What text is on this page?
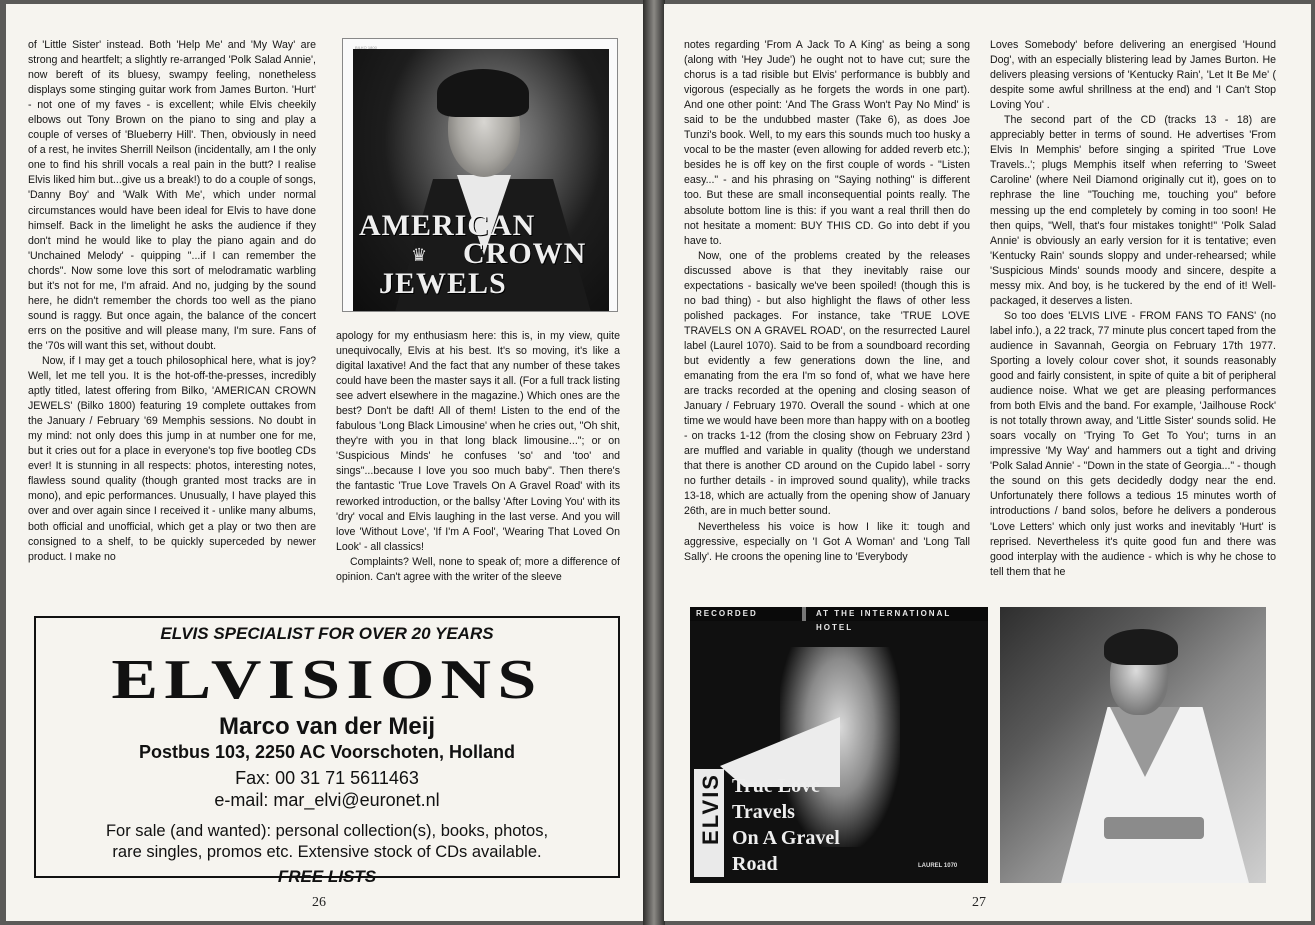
of 'Little Sister' instead. Both 'Help Me' and 'My Way' are strong and heartfelt; a slightly re-arranged 'Polk Salad Annie', now bereft of its bluesy, swampy feeling, nonetheless displays some stinging guitar work from James Burton. 'Hurt' - not one of my faves - is excellent; while Elvis cheekily elbows out Tony Brown on the piano to sing and play a couple of verses of 'Blueberry Hill'. Then, obviously in need of a rest, he invites Sherrill Neilson (incidentally, am I the only one to find his shrill vocals a real pain in the butt? I realise Elvis liked him but...give us a break!) to do a couple of songs, 'Danny Boy' and 'Walk With Me', which under normal circumstances would have been ideal for Elvis to have done himself. Back in the limelight he asks the audience if they don't mind he would like to play the piano again and do 'Unchained Melody' - quipping "...if I can remember the chords". Now some love this sort of melodramatic warbling but it's not for me, I'm afraid. And no, judging by the sound here, he didn't remember the chords too well as the piano sound is raggy. But once again, the balance of the concert errs on the positive and will please many, I'm sure. Fans of the '70s will want this set, without doubt.

Now, if I may get a touch philosophical here, what is joy? Well, let me tell you. It is the hot-off-the-presses, incredibly aptly titled, latest offering from Bilko, 'AMERICAN CROWN JEWELS' (Bilko 1800) featuring 19 complete outtakes from the January / February '69 Memphis sessions. No doubt in my mind: not only does this jump in at number one for me, but it cries out for a place in everyone's top five bootleg CDs ever! It is stunning in all respects: photos, interesting notes, flawless sound quality (though granted most tracks are in mono), and epic performances. Unusually, I have played this over and over again since I received it - unlike many albums, both official and unofficial, which get a play or two then are consigned to a shelf, to be quickly superceded by newer product. I make no

BILKO 1800
AMERICAN
♛ CROWN
JEWELS

apology for my enthusiasm here: this is, in my view, quite unequivocally, Elvis at his best. It's so moving, it's like a digital laxative! And the fact that any number of these takes could have been the master says it all. (For a full track listing see advert elsewhere in the magazine.) Which ones are the best? Don't be daft! All of them! Listen to the end of the fabulous 'Long Black Limousine' when he cries out, "Oh shit, they're with you in that long black limousine..."; or on 'Suspicious Minds' he confuses 'so' and 'too' and sings"...because I love you soo much baby". Then there's the fantastic 'True Love Travels On A Gravel Road' with its reworked introduction, or the ballsy 'After Loving You' with its 'dry' vocal and Elvis laughing in the last verse. And you will love 'Without Love', 'If I'm A Fool', 'Wearing That Loved On Look' - all classics!

Complaints? Well, none to speak of; more a difference of opinion. Can't agree with the writer of the sleeve

ELVIS SPECIALIST FOR OVER 20 YEARS
ELVISIONS
Marco van der Meij
Postbus 103, 2250 AC Voorschoten, Holland
Fax: 00 31 71 5611463
e-mail: mar_elvi@euronet.nl
For sale (and wanted): personal collection(s), books, photos,
rare singles, promos etc. Extensive stock of CDs available.
FREE LISTS
26

notes regarding 'From A Jack To A King' as being a song (along with 'Hey Jude') he ought not to have cut; sure the chorus is a tad risible but Elvis' performance is bubbly and vigorous (especially as he forgets the words in one part). And one other point: 'And The Grass Won't Pay No Mind' is said to be the undubbed master (Take 6), as does Joe Tunzi's book. Well, to my ears this sounds much too husky a vocal to be the master (even allowing for added reverb etc.); besides he is off key on the first couple of words - "Listen easy..." - and his phrasing on "Saying nothing" is different too. But these are small inconsequential points really. The absolute bottom line is this: if you want a real thrill then do not hesitate a moment: BUY THIS CD. Go into debt if you have to.

Now, one of the problems created by the releases discussed above is that they inevitably raise our expectations - basically we've been spoiled! (though this is no bad thing) - but also highlight the flaws of other less polished packages. For instance, take 'TRUE LOVE TRAVELS ON A GRAVEL ROAD', on the resurrected Laurel label (Laurel 1070). Said to be from a soundboard recording but evidently a few generations down the line, and emanating from the era I'm so fond of, what we have here are tracks recorded at the opening and closing season of January / February 1970. Overall the sound - which at one time we would have been more than happy with on a bootleg - on tracks 1-12 (from the closing show on February 23rd ) are muffled and variable in quality (though we understand that there is another CD around on the Cupido label - sorry no further details - in improved sound quality), while tracks 13-18, which are actually from the opening show of January 26th, are in much better sound.

Nevertheless his voice is how I like it: tough and aggressive, especially on 'I Got A Woman' and 'Long Tall Sally'. He croons the opening line to 'Everybody

Loves Somebody' before delivering an energised 'Hound Dog', with an especially blistering lead by James Burton. He delivers pleasing versions of 'Kentucky Rain', 'Let It Be Me' ( despite some awful shrillness at the end) and 'I Can't Stop Loving You' .

The second part of the CD (tracks 13 - 18) are appreciably better in terms of sound. He advertises 'From Elvis In Memphis' before singing a spirited 'True Love Travels..'; plugs Memphis itself when referring to 'Sweet Caroline' (where Neil Diamond originally cut it), goes on to rephrase the line "Touching me, touching you" before messing up the end completely by coming in too soon! He then quips, "Well, that's four mistakes tonight!" 'Polk Salad Annie' is obviously an early version for it is tentative; even 'Kentucky Rain' sounds sloppy and under-rehearsed; while 'Suspicious Minds' sounds moody and sincere, despite a messy mix. And boy, is he tuckered by the end of it! Well-packaged, it deserves a listen.

So too does 'ELVIS LIVE - FROM FANS TO FANS' (no label info.), a 22 track, 77 minute plus concert taped from the audience in Savannah, Georgia on February 17th 1977. Sporting a lovely colour cover shot, it sounds reasonably good and fairly consistent, in spite of quite a bit of peripheral audience noise. What we get are pleasing performances from both Elvis and the band. For example, 'Jailhouse Rock' is not totally thrown away, and 'Little Sister' sounds solid. He soars vocally on 'Trying To Get To You'; turns in an impressive 'My Way' and hammers out a tight and driving 'Polk Salad Annie' - "Down in the state of Georgia..." - though the sound on this gets decidedly dodgy near the end. Unfortunately there follows a tedious 15 minutes worth of introductions / band solos, before he delivers a ponderous 'Love Letters' which only just works and inevitably 'Hurt' is reprised. Nevertheless it's quite good fun and there was good interplay with the audience - which is why he chose to tell them that he

RECORDED	AT THE INTERNATIONAL HOTEL
ELVIS True Love
Travels
On A Gravel
Road	LAUREL 1070
27
